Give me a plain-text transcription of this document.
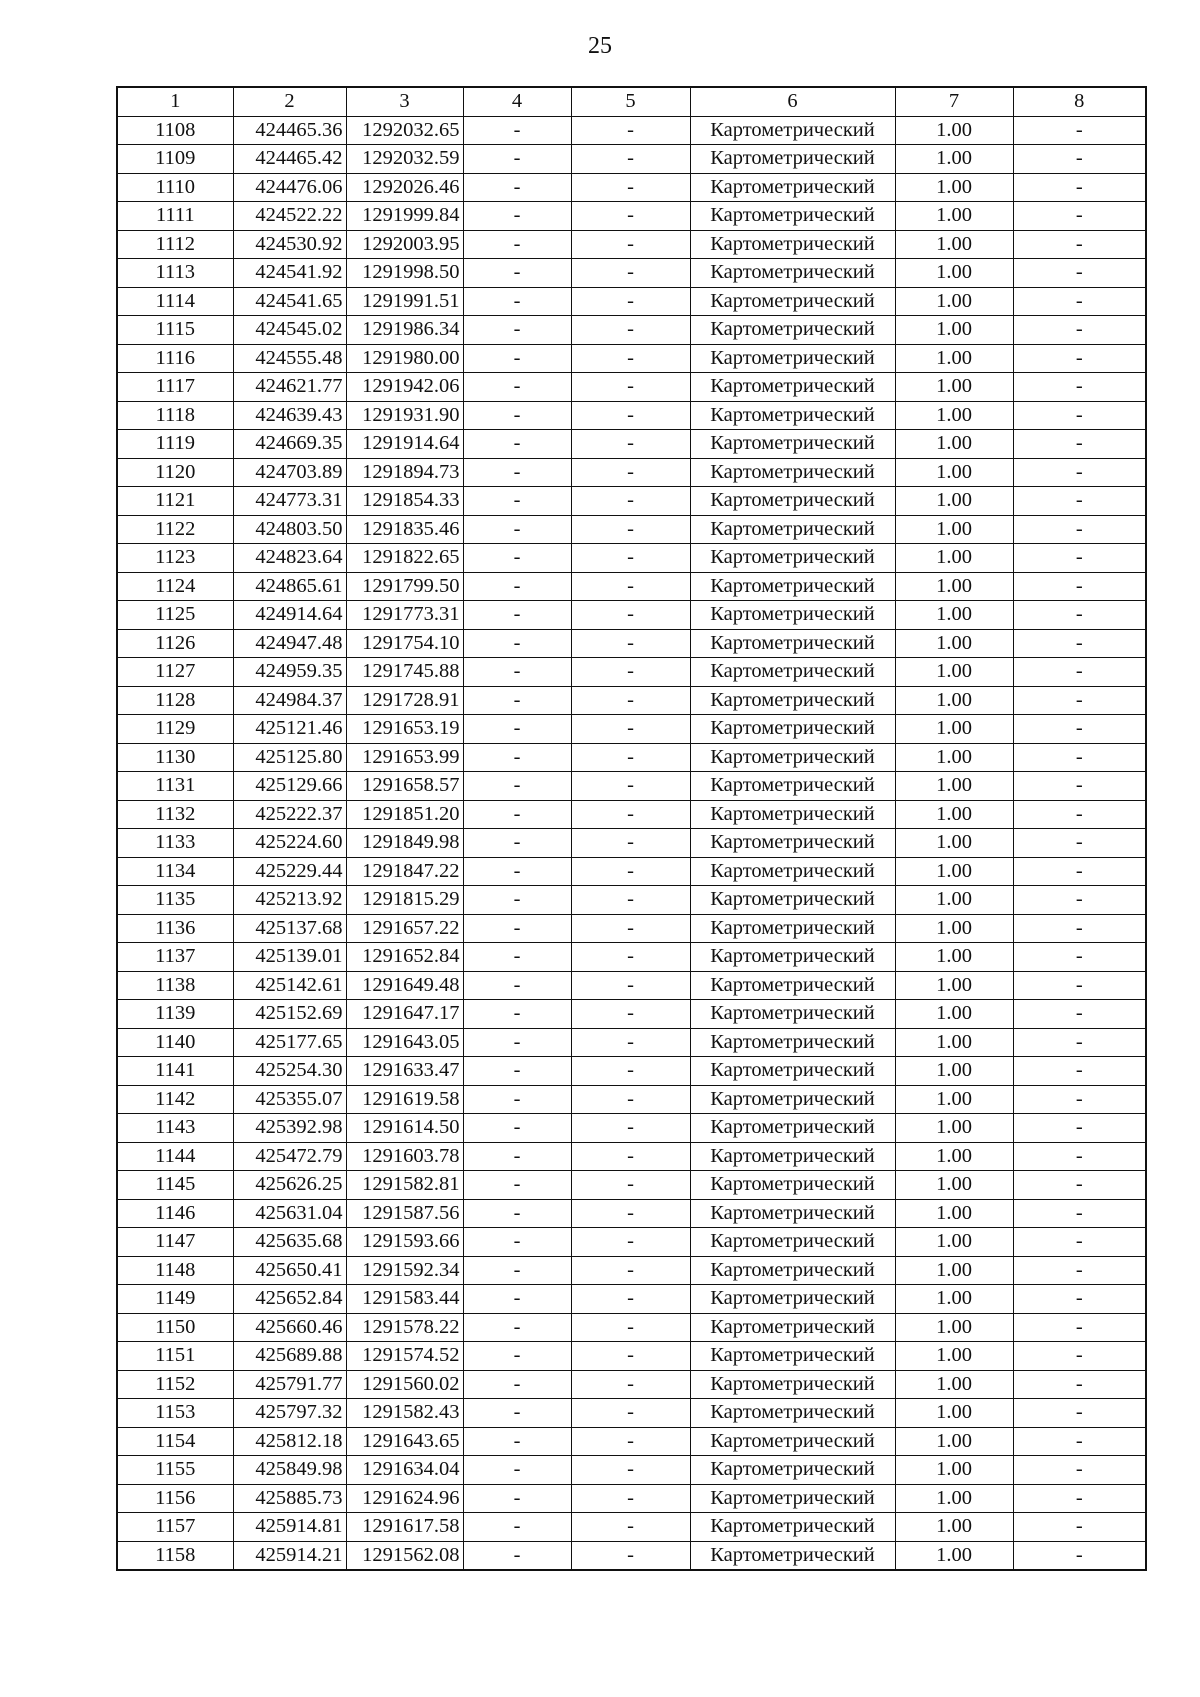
25
1	2	3	4	5	6	7	8
1108	424465.36	1292032.65	-	-	Картометрический	1.00	-
1109	424465.42	1292032.59	-	-	Картометрический	1.00	-
1110	424476.06	1292026.46	-	-	Картометрический	1.00	-
1111	424522.22	1291999.84	-	-	Картометрический	1.00	-
1112	424530.92	1292003.95	-	-	Картометрический	1.00	-
1113	424541.92	1291998.50	-	-	Картометрический	1.00	-
1114	424541.65	1291991.51	-	-	Картометрический	1.00	-
1115	424545.02	1291986.34	-	-	Картометрический	1.00	-
1116	424555.48	1291980.00	-	-	Картометрический	1.00	-
1117	424621.77	1291942.06	-	-	Картометрический	1.00	-
1118	424639.43	1291931.90	-	-	Картометрический	1.00	-
1119	424669.35	1291914.64	-	-	Картометрический	1.00	-
1120	424703.89	1291894.73	-	-	Картометрический	1.00	-
1121	424773.31	1291854.33	-	-	Картометрический	1.00	-
1122	424803.50	1291835.46	-	-	Картометрический	1.00	-
1123	424823.64	1291822.65	-	-	Картометрический	1.00	-
1124	424865.61	1291799.50	-	-	Картометрический	1.00	-
1125	424914.64	1291773.31	-	-	Картометрический	1.00	-
1126	424947.48	1291754.10	-	-	Картометрический	1.00	-
1127	424959.35	1291745.88	-	-	Картометрический	1.00	-
1128	424984.37	1291728.91	-	-	Картометрический	1.00	-
1129	425121.46	1291653.19	-	-	Картометрический	1.00	-
1130	425125.80	1291653.99	-	-	Картометрический	1.00	-
1131	425129.66	1291658.57	-	-	Картометрический	1.00	-
1132	425222.37	1291851.20	-	-	Картометрический	1.00	-
1133	425224.60	1291849.98	-	-	Картометрический	1.00	-
1134	425229.44	1291847.22	-	-	Картометрический	1.00	-
1135	425213.92	1291815.29	-	-	Картометрический	1.00	-
1136	425137.68	1291657.22	-	-	Картометрический	1.00	-
1137	425139.01	1291652.84	-	-	Картометрический	1.00	-
1138	425142.61	1291649.48	-	-	Картометрический	1.00	-
1139	425152.69	1291647.17	-	-	Картометрический	1.00	-
1140	425177.65	1291643.05	-	-	Картометрический	1.00	-
1141	425254.30	1291633.47	-	-	Картометрический	1.00	-
1142	425355.07	1291619.58	-	-	Картометрический	1.00	-
1143	425392.98	1291614.50	-	-	Картометрический	1.00	-
1144	425472.79	1291603.78	-	-	Картометрический	1.00	-
1145	425626.25	1291582.81	-	-	Картометрический	1.00	-
1146	425631.04	1291587.56	-	-	Картометрический	1.00	-
1147	425635.68	1291593.66	-	-	Картометрический	1.00	-
1148	425650.41	1291592.34	-	-	Картометрический	1.00	-
1149	425652.84	1291583.44	-	-	Картометрический	1.00	-
1150	425660.46	1291578.22	-	-	Картометрический	1.00	-
1151	425689.88	1291574.52	-	-	Картометрический	1.00	-
1152	425791.77	1291560.02	-	-	Картометрический	1.00	-
1153	425797.32	1291582.43	-	-	Картометрический	1.00	-
1154	425812.18	1291643.65	-	-	Картометрический	1.00	-
1155	425849.98	1291634.04	-	-	Картометрический	1.00	-
1156	425885.73	1291624.96	-	-	Картометрический	1.00	-
1157	425914.81	1291617.58	-	-	Картометрический	1.00	-
1158	425914.21	1291562.08	-	-	Картометрический	1.00	-
